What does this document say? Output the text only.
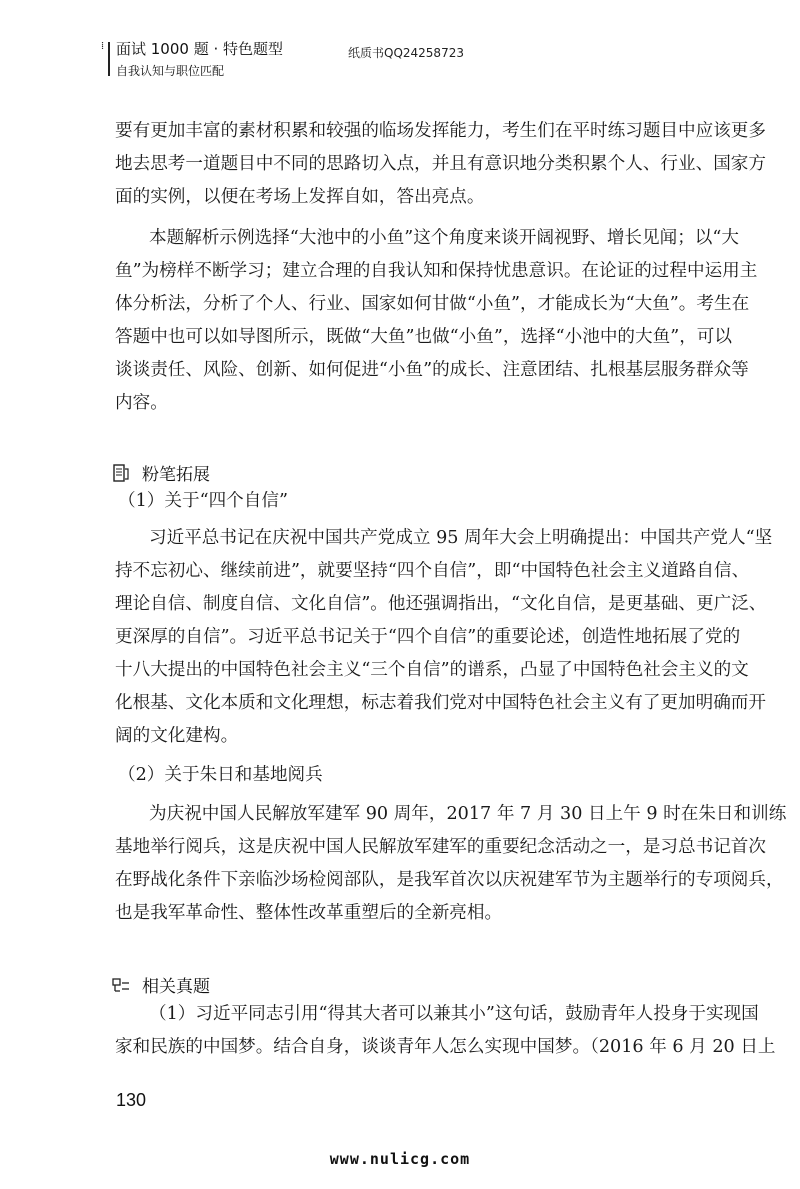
⁞ 面试 1000 题 · 特色题型
自我认知与职位匹配
纸质书QQ24258723
要有更加丰富的素材积累和较强的临场发挥能力，考生们在平时练习题目中应该更多
地去思考一道题目中不同的思路切入点，并且有意识地分类积累个人、行业、国家方
面的实例，以便在考场上发挥自如，答出亮点。
本题解析示例选择“大池中的小鱼”这个角度来谈开阔视野、增长见闻；以“大
鱼”为榜样不断学习；建立合理的自我认知和保持忧患意识。在论证的过程中运用主
体分析法，分析了个人、行业、国家如何甘做“小鱼”，才能成长为“大鱼”。考生在
答题中也可以如导图所示，既做“大鱼”也做“小鱼”，选择“小池中的大鱼”，可以
谈谈责任、风险、创新、如何促进“小鱼”的成长、注意团结、扎根基层服务群众等
内容。
粉笔拓展
（1）关于“四个自信”
习近平总书记在庆祝中国共产党成立 95 周年大会上明确提出：中国共产党人“坚
持不忘初心、继续前进”，就要坚持“四个自信”，即“中国特色社会主义道路自信、
理论自信、制度自信、文化自信”。他还强调指出，“文化自信，是更基础、更广泛、
更深厚的自信”。习近平总书记关于“四个自信”的重要论述，创造性地拓展了党的
十八大提出的中国特色社会主义“三个自信”的谱系，凸显了中国特色社会主义的文
化根基、文化本质和文化理想，标志着我们党对中国特色社会主义有了更加明确而开
阔的文化建构。
（2）关于朱日和基地阅兵
为庆祝中国人民解放军建军 90 周年，2017 年 7 月 30 日上午 9 时在朱日和训练
基地举行阅兵，这是庆祝中国人民解放军建军的重要纪念活动之一，是习总书记首次
在野战化条件下亲临沙场检阅部队，是我军首次以庆祝建军节为主题举行的专项阅兵，
也是我军革命性、整体性改革重塑后的全新亮相。
相关真题
（1）习近平同志引用“得其大者可以兼其小”这句话，鼓励青年人投身于实现国
家和民族的中国梦。结合自身，谈谈青年人怎么实现中国梦。（2016 年 6 月 20 日上
130
www.nulicg.com
